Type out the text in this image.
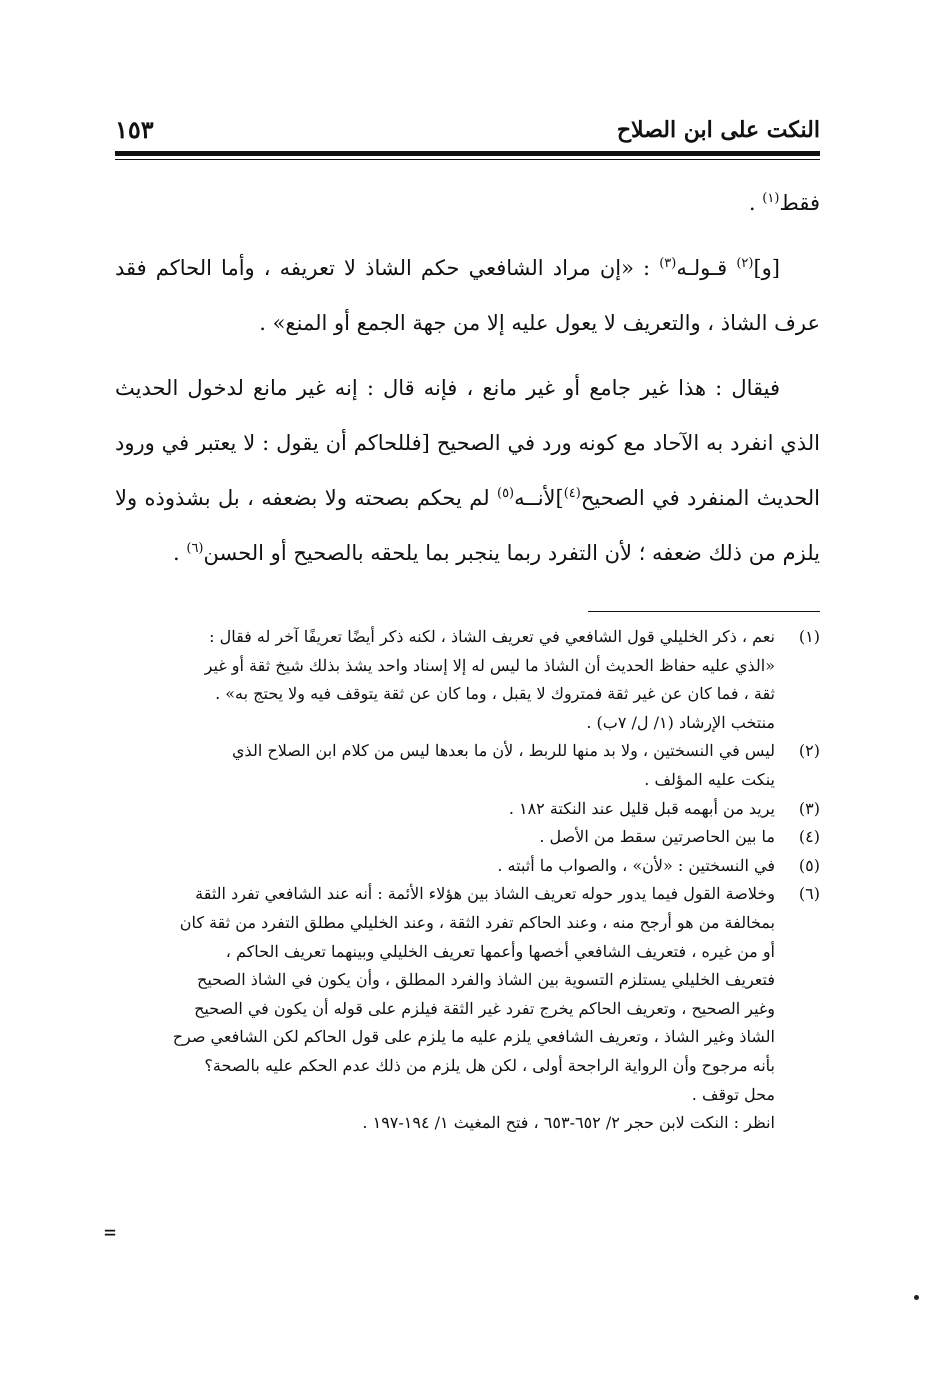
النكت على ابن الصلاح
١٥٣

فقط$^{(١)}$ .

[و]$^{(٢)}$ قـولـه$^{(٣)}$ : «إن مراد الشافعي حكم الشاذ لا تعريفه ، وأما الحاكم فقد عرف الشاذ ، والتعريف لا يعول عليه إلا من جهة الجمع أو المنع» .

فيقال : هذا غير جامع أو غير مانع ، فإنه قال : إنه غير مانع لدخول الحديث الذي انفرد به الآحاد مع كونه ورد في الصحيح [فللحاكم أن يقول : لا يعتبر في ورود الحديث المنفرد في الصحيح$^{(٤)}$]لأنــه$^{(٥)}$ لم يحكم بصحته ولا بضعفه ، بل بشذوذه ولا يلزم من ذلك ضعفه ؛ لأن التفرد ربما ينجبر بما يلحقه بالصحيح أو الحسن$^{(٦)}$ .

(١)
نعم ، ذكر الخليلي قول الشافعي في تعريف الشاذ ، لكنه ذكر أيضًا تعريفًا آخر له فقال :
«الذي عليه حفاظ الحديث أن الشاذ ما ليس له إلا إسناد واحد يشذ بذلك شيخ ثقة أو غير
ثقة ، فما كان عن غير ثقة فمتروك لا يقبل ، وما كان عن ثقة يتوقف فيه ولا يحتج به» .
منتخب الإرشاد (١/ ل/ ٧ب) .
(٢)
ليس في النسختين ، ولا بد منها للربط ، لأن ما بعدها ليس من كلام ابن الصلاح الذي
ينكت عليه المؤلف .
(٣)
يريد من أبهمه قبل قليل عند النكتة ١٨٢ .
(٤)
ما بين الحاصرتين سقط من الأصل .
(٥)
في النسختين : «لأن» ، والصواب ما أثبته .
(٦)
وخلاصة القول فيما يدور حوله تعريف الشاذ بين هؤلاء الأئمة : أنه عند الشافعي تفرد الثقة
بمخالفة من هو أرجح منه ، وعند الحاكم تفرد الثقة ، وعند الخليلي مطلق التفرد من ثقة كان
أو من غيره ، فتعريف الشافعي أخصها وأعمها تعريف الخليلي وبينهما تعريف الحاكم ،
فتعريف الخليلي يستلزم التسوية بين الشاذ والفرد المطلق ، وأن يكون في الشاذ الصحيح
وغير الصحيح ، وتعريف الحاكم يخرج تفرد غير الثقة فيلزم على قوله أن يكون في الصحيح
الشاذ وغير الشاذ ، وتعريف الشافعي يلزم عليه ما يلزم على قول الحاكم لكن الشافعي صرح
بأنه مرجوح وأن الرواية الراجحة أولى ، لكن هل يلزم من ذلك عدم الحكم عليه بالصحة؟
محل توقف .

انظر : النكت لابن حجر ٢/ ٦٥٢-٦٥٣ ، فتح المغيث ١/ ١٩٤-١٩٧ .

=
